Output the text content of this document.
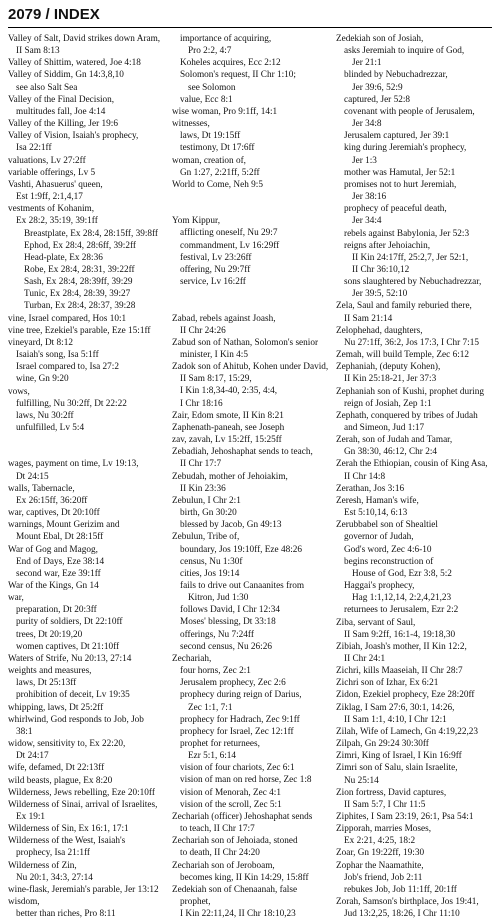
2079 / INDEX
Valley of Salt, David strikes down Aram,
II Sam 8:13
Valley of Shittim, watered, Joe 4:18
Valley of Siddim, Gn 14:3,8,10
see also Salt Sea
Valley of the Final Decision,
multitudes fall, Joe 4:14
Valley of the Killing, Jer 19:6
Valley of Vision, Isaiah's prophecy,
Isa 22:1ff
valuations, Lv 27:2ff
variable offerings, Lv 5
Vashti, Ahasuerus' queen,
Est 1:9ff, 2:1,4,17
vestments of Kohanim,
Ex 28:2, 35:19, 39:1ff
Breastplate, Ex 28:4, 28:15ff, 39:8ff
Ephod, Ex 28:4, 28:6ff, 39:2ff
Head-plate, Ex 28:36
Robe, Ex 28:4, 28:31, 39:22ff
Sash, Ex 28:4, 28:39ff, 39:29
Tunic, Ex 28:4, 28:39, 39:27
Turban, Ex 28:4, 28:37, 39:28
vine, Israel compared, Hos 10:1
vine tree, Ezekiel's parable, Eze 15:1ff
vineyard, Dt 8:12
Isaiah's song, Isa 5:1ff
Israel compared to, Isa 27:2
wine, Gn 9:20
vows,
fulfilling, Nu 30:2ff, Dt 22:22
laws, Nu 30:2ff
unfulfilled, Lv 5:4
wages, payment on time, Lv 19:13,
Dt 24:15
walls, Tabernacle,
Ex 26:15ff, 36:20ff
war, captives, Dt 20:10ff
warnings, Mount Gerizim and
Mount Ebal, Dt 28:15ff
War of Gog and Magog,
End of Days, Eze 38:14
second war, Eze 39:1ff
War of the Kings, Gn 14
war,
preparation, Dt 20:3ff
purity of soldiers, Dt 22:10ff
trees, Dt 20:19,20
women captives, Dt 21:10ff
Waters of Strife, Nu 20:13, 27:14
weights and measures,
laws, Dt 25:13ff
prohibition of deceit, Lv 19:35
whipping, laws, Dt 25:2ff
whirlwind, God responds to Job, Job
38:1
widow, sensitivity to, Ex 22:20,
Dt 24:17
wife, defamed, Dt 22:13ff
wild beasts, plague, Ex 8:20
Wilderness, Jews rebelling, Eze 20:10ff
Wilderness of Sinai, arrival of Israelites,
Ex 19:1
Wilderness of Sin, Ex 16:1, 17:1
Wilderness of the West, Isaiah's
prophecy, Isa 21:1ff
Wilderness of Zin,
Nu 20:1, 34:3, 27:14
wine-flask, Jeremiah's parable, Jer 13:12
wisdom,
better than riches, Pro 8:11
importance of acquiring,
Pro 2:2, 4:7
Koheles acquires, Ecc 2:12
Solomon's request, II Chr 1:10;
see Solomon
value, Ecc 8:1
wise woman, Pro 9:1ff, 14:1
witnesses,
laws, Dt 19:15ff
testimony, Dt 17:6ff
woman, creation of,
Gn 1:27, 2:21ff, 5:2ff
World to Come, Neh 9:5
Yom Kippur,
afflicting oneself, Nu 29:7
commandment, Lv 16:29ff
festival, Lv 23:26ff
offering, Nu 29:7ff
service, Lv 16:2ff
Zabad, rebels against Joash,
II Chr 24:26
Zabud son of Nathan, Solomon's senior
minister, I Kin 4:5
Zadok son of Ahitub, Kohen under David,
II Sam 8:17, 15:29,
I Kin 1:8,34-40, 2:35, 4:4,
I Chr 18:16
Zair, Edom smote, II Kin 8:21
Zaphenath-paneah, see Joseph
zav, zavah, Lv 15:2ff, 15:25ff
Zebadiah, Jehoshaphat sends to teach,
II Chr 17:7
Zebudah, mother of Jehoiakim,
II Kin 23:36
Zebulun, I Chr 2:1
birth, Gn 30:20
blessed by Jacob, Gn 49:13
Zebulun, Tribe of,
boundary, Jos 19:10ff, Eze 48:26
census, Nu 1:30f
cities, Jos 19:14
fails to drive out Canaanites from
Kitron, Jud 1:30
follows David, I Chr 12:34
Moses' blessing, Dt 33:18
offerings, Nu 7:24ff
second census, Nu 26:26
Zechariah,
four horns, Zec 2:1
Jerusalem prophecy, Zec 2:6
prophecy during reign of Darius,
Zec 1:1, 7:1
prophecy for Hadrach, Zec 9:1ff
prophecy for Israel, Zec 12:1ff
prophet for returnees,
Ezr 5:1, 6:14
vision of four chariots, Zec 6:1
vision of man on red horse, Zec 1:8
vision of Menorah, Zec 4:1
vision of the scroll, Zec 5:1
Zechariah (officer) Jehoshaphat sends
to teach, II Chr 17:7
Zechariah son of Jehoiada, stoned
to death, II Chr 24:20
Zechariah son of Jeroboam,
becomes king, II Kin 14:29, 15:8ff
Zedekiah son of Chenaanah, false
prophet,
I Kin 22:11,24, II Chr 18:10,23
Zedekiah son of Josiah,
asks Jeremiah to inquire of God,
Jer 21:1
blinded by Nebuchadrezzar,
Jer 39:6, 52:9
captured, Jer 52:8
covenant with people of Jerusalem,
Jer 34:8
Jerusalem captured, Jer 39:1
king during Jeremiah's prophecy,
Jer 1:3
mother was Hamutal, Jer 52:1
promises not to hurt Jeremiah,
Jer 38:16
prophecy of peaceful death,
Jer 34:4
rebels against Babylonia, Jer 52:3
reigns after Jehoiachin,
II Kin 24:17ff, 25:2,7, Jer 52:1,
II Chr 36:10,12
sons slaughtered by Nebuchadrezzar,
Jer 39:5, 52:10
Zela, Saul and family reburied there,
II Sam 21:14
Zelophehad, daughters,
Nu 27:1ff, 36:2, Jos 17:3, I Chr 7:15
Zemah, will build Temple, Zec 6:12
Zephaniah, (deputy Kohen),
II Kin 25:18-21, Jer 37:3
Zephaniah son of Kushi, prophet during
reign of Josiah, Zep 1:1
Zephath, conquered by tribes of Judah
and Simeon, Jud 1:17
Zerah, son of Judah and Tamar,
Gn 38:30, 46:12, Chr 2:4
Zerah the Ethiopian, cousin of King Asa,
II Chr 14:8
Zerathan, Jos 3:16
Zeresh, Haman's wife,
Est 5:10,14, 6:13
Zerubbabel son of Shealtiel
governor of Judah,
God's word, Zec 4:6-10
begins reconstruction of
House of God, Ezr 3:8, 5:2
Haggai's prophecy,
Hag 1:1,12,14, 2:2,4,21,23
returnees to Jerusalem, Ezr 2:2
Ziba, servant of Saul,
II Sam 9:2ff, 16:1-4, 19:18,30
Zibiah, Joash's mother, II Kin 12:2,
II Chr 24:1
Zichri, kills Maaseiah, II Chr 28:7
Zichri son of Izhar, Ex 6:21
Zidon, Ezekiel prophecy, Eze 28:20ff
Ziklag, I Sam 27:6, 30:1, 14:26,
II Sam 1:1, 4:10, I Chr 12:1
Zilah, Wife of Lamech, Gn 4:19,22,23
Zilpah, Gn 29:24 30:30ff
Zimri, King of Israel, I Kin 16:9ff
Zimri son of Salu, slain Israelite,
Nu 25:14
Zion fortress, David captures,
II Sam 5:7, I Chr 11:5
Ziphites, I Sam 23:19, 26:1, Psa 54:1
Zipporah, marries Moses,
Ex 2:21, 4:25, 18:2
Zoar, Gn 19:22ff, 19:30
Zophar the Naamathite,
Job's friend, Job 2:11
rebukes Job, Job 11:1ff, 20:1ff
Zorah, Samson's birthplace, Jos 19:41,
Jud 13:2,25, 18:26, I Chr 11:10
